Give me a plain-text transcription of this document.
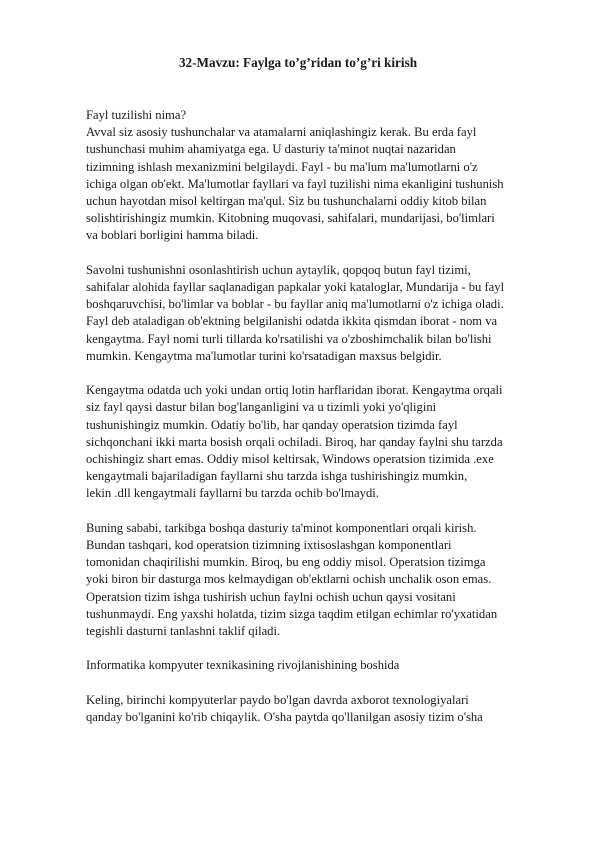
32-Mavzu: Faylga to’g’ridan to’g’ri kirish

Fayl tuzilishi nima?
Avval siz asosiy tushunchalar va atamalarni aniqlashingiz kerak. Bu erda fayl
tushunchasi muhim ahamiyatga ega. U dasturiy ta'minot nuqtai nazaridan
tizimning ishlash mexanizmini belgilaydi. Fayl - bu ma'lum ma'lumotlarni o'z
ichiga olgan ob'ekt. Ma'lumotlar fayllari va fayl tuzilishi nima ekanligini tushunish
uchun hayotdan misol keltirgan ma'qul. Siz bu tushunchalarni oddiy kitob bilan
solishtirishingiz mumkin. Kitobning muqovasi, sahifalari, mundarijasi, bo'limlari
va boblari borligini hamma biladi.

Savolni tushunishni osonlashtirish uchun aytaylik, qopqoq butun fayl tizimi,
sahifalar alohida fayllar saqlanadigan papkalar yoki kataloglar, Mundarija - bu fayl
boshqaruvchisi, bo'limlar va boblar - bu fayllar aniq ma'lumotlarni o'z ichiga oladi.
Fayl deb ataladigan ob'ektning belgilanishi odatda ikkita qismdan iborat - nom va
kengaytma. Fayl nomi turli tillarda ko'rsatilishi va o'zboshimchalik bilan bo'lishi
mumkin. Kengaytma ma'lumotlar turini ko'rsatadigan maxsus belgidir.

Kengaytma odatda uch yoki undan ortiq lotin harflaridan iborat. Kengaytma orqali
siz fayl qaysi dastur bilan bog'langanligini va u tizimli yoki yo'qligini
tushunishingiz mumkin. Odatiy bo'lib, har qanday operatsion tizimda fayl
sichqonchani ikki marta bosish orqali ochiladi. Biroq, har qanday faylni shu tarzda
ochishingiz shart emas. Oddiy misol keltirsak, Windows operatsion tizimida .exe
kengaytmali bajariladigan fayllarni shu tarzda ishga tushirishingiz mumkin,
lekin .dll kengaytmali fayllarni bu tarzda ochib bo'lmaydi.

Buning sababi, tarkibga boshqa dasturiy ta'minot komponentlari orqali kirish.
Bundan tashqari, kod operatsion tizimning ixtisoslashgan komponentlari
tomonidan chaqirilishi mumkin. Biroq, bu eng oddiy misol. Operatsion tizimga
yoki biron bir dasturga mos kelmaydigan ob'ektlarni ochish unchalik oson emas.
Operatsion tizim ishga tushirish uchun faylni ochish uchun qaysi vositani
tushunmaydi. Eng yaxshi holatda, tizim sizga taqdim etilgan echimlar ro'yxatidan
tegishli dasturni tanlashni taklif qiladi.

Informatika kompyuter texnikasining rivojlanishining boshida

Keling, birinchi kompyuterlar paydo bo'lgan davrda axborot texnologiyalari
qanday bo'lganini ko'rib chiqaylik. O'sha paytda qo'llanilgan asosiy tizim o'sha
